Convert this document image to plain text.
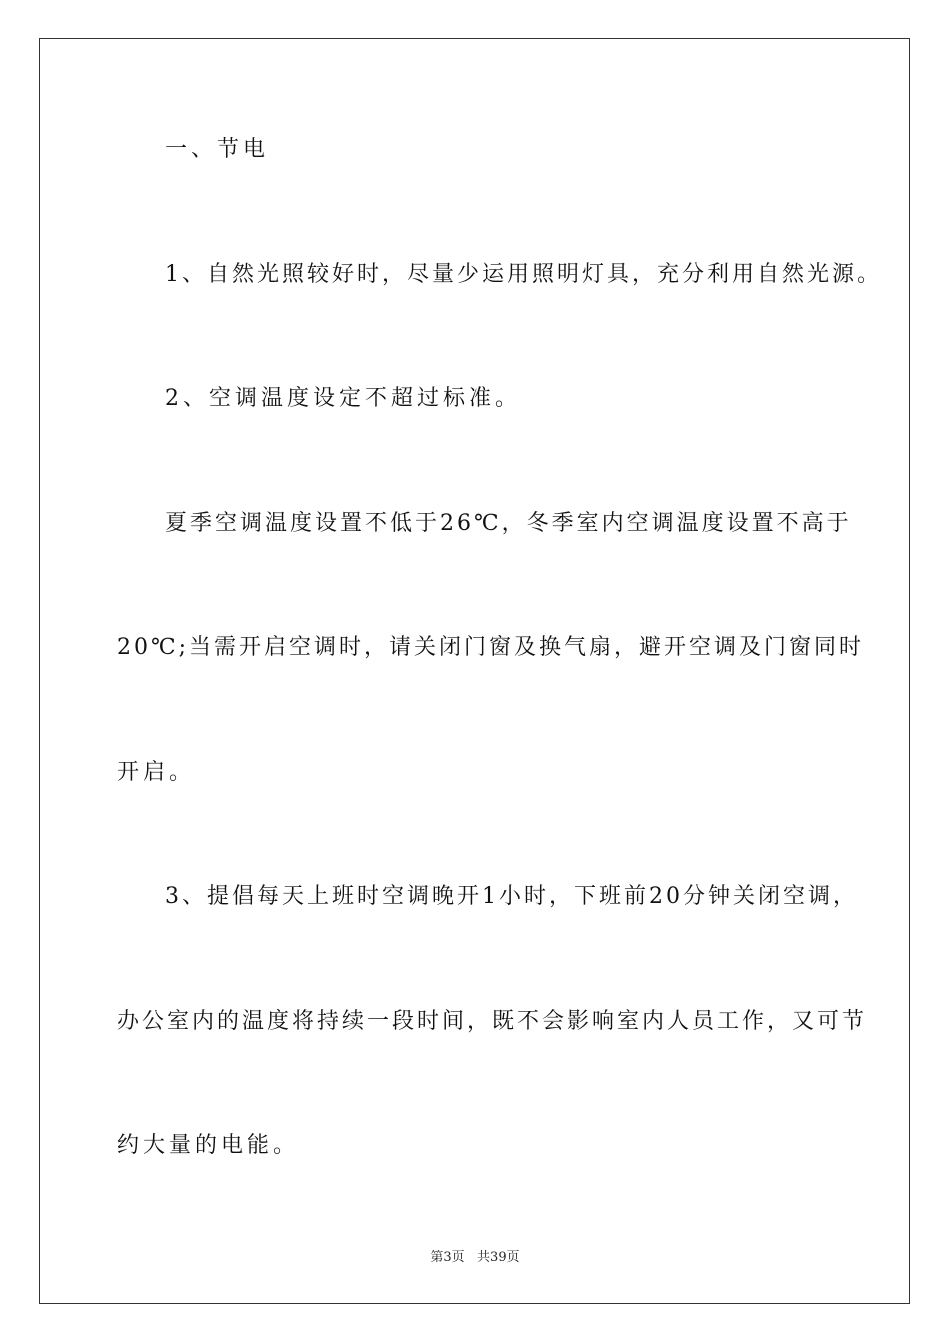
一、节电
1、自然光照较好时，尽量少运用照明灯具，充分利用自然光源。
2、空调温度设定不超过标准。
夏季空调温度设置不低于26℃，冬季室内空调温度设置不高于
20℃;当需开启空调时，请关闭门窗及换气扇，避开空调及门窗同时
开启。
3、提倡每天上班时空调晚开1小时，下班前20分钟关闭空调，
办公室内的温度将持续一段时间，既不会影响室内人员工作，又可节
约大量的电能。
第3页   共39页
